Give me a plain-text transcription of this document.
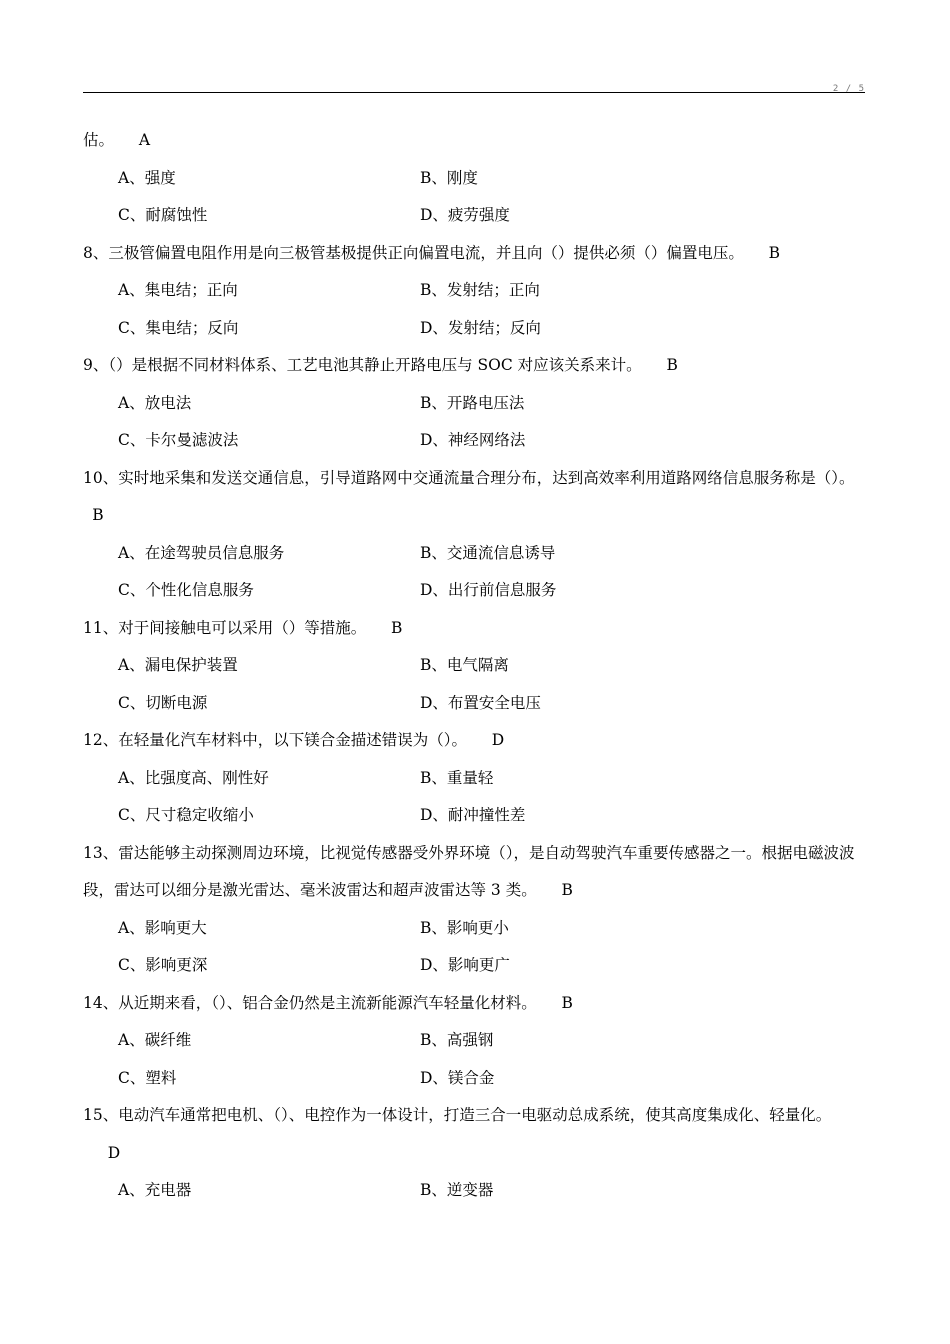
2 / 5
估。 A
A、强度	B、刚度
C、耐腐蚀性	D、疲劳强度
8、三极管偏置电阻作用是向三极管基极提供正向偏置电流，并且向（）提供必须（）偏置电压。 B
A、集电结；正向	B、发射结；正向
C、集电结；反向	D、发射结；反向
9、（）是根据不同材料体系、工艺电池其静止开路电压与 SOC 对应该关系来计。 B
A、放电法	B、开路电压法
C、卡尔曼滤波法	D、神经网络法
10、实时地采集和发送交通信息，引导道路网中交通流量合理分布，达到高效率利用道路网络信息服务称是（）。B
A、在途驾驶员信息服务	B、交通流信息诱导
C、个性化信息服务	D、出行前信息服务
11、对于间接触电可以采用（）等措施。 B
A、漏电保护装置	B、电气隔离
C、切断电源	D、布置安全电压
12、在轻量化汽车材料中，以下镁合金描述错误为（）。 D
A、比强度高、刚性好	B、重量轻
C、尺寸稳定收缩小	D、耐冲撞性差
13、雷达能够主动探测周边环境，比视觉传感器受外界环境（），是自动驾驶汽车重要传感器之一。根据电磁波波段，雷达可以细分是激光雷达、毫米波雷达和超声波雷达等 3 类。 B
A、影响更大	B、影响更小
C、影响更深	D、影响更广
14、从近期来看，（）、铝合金仍然是主流新能源汽车轻量化材料。 B
A、碳纤维	B、高强钢
C、塑料	D、镁合金
15、电动汽车通常把电机、（）、电控作为一体设计，打造三合一电驱动总成系统，使其高度集成化、轻量化。D
A、充电器	B、逆变器
